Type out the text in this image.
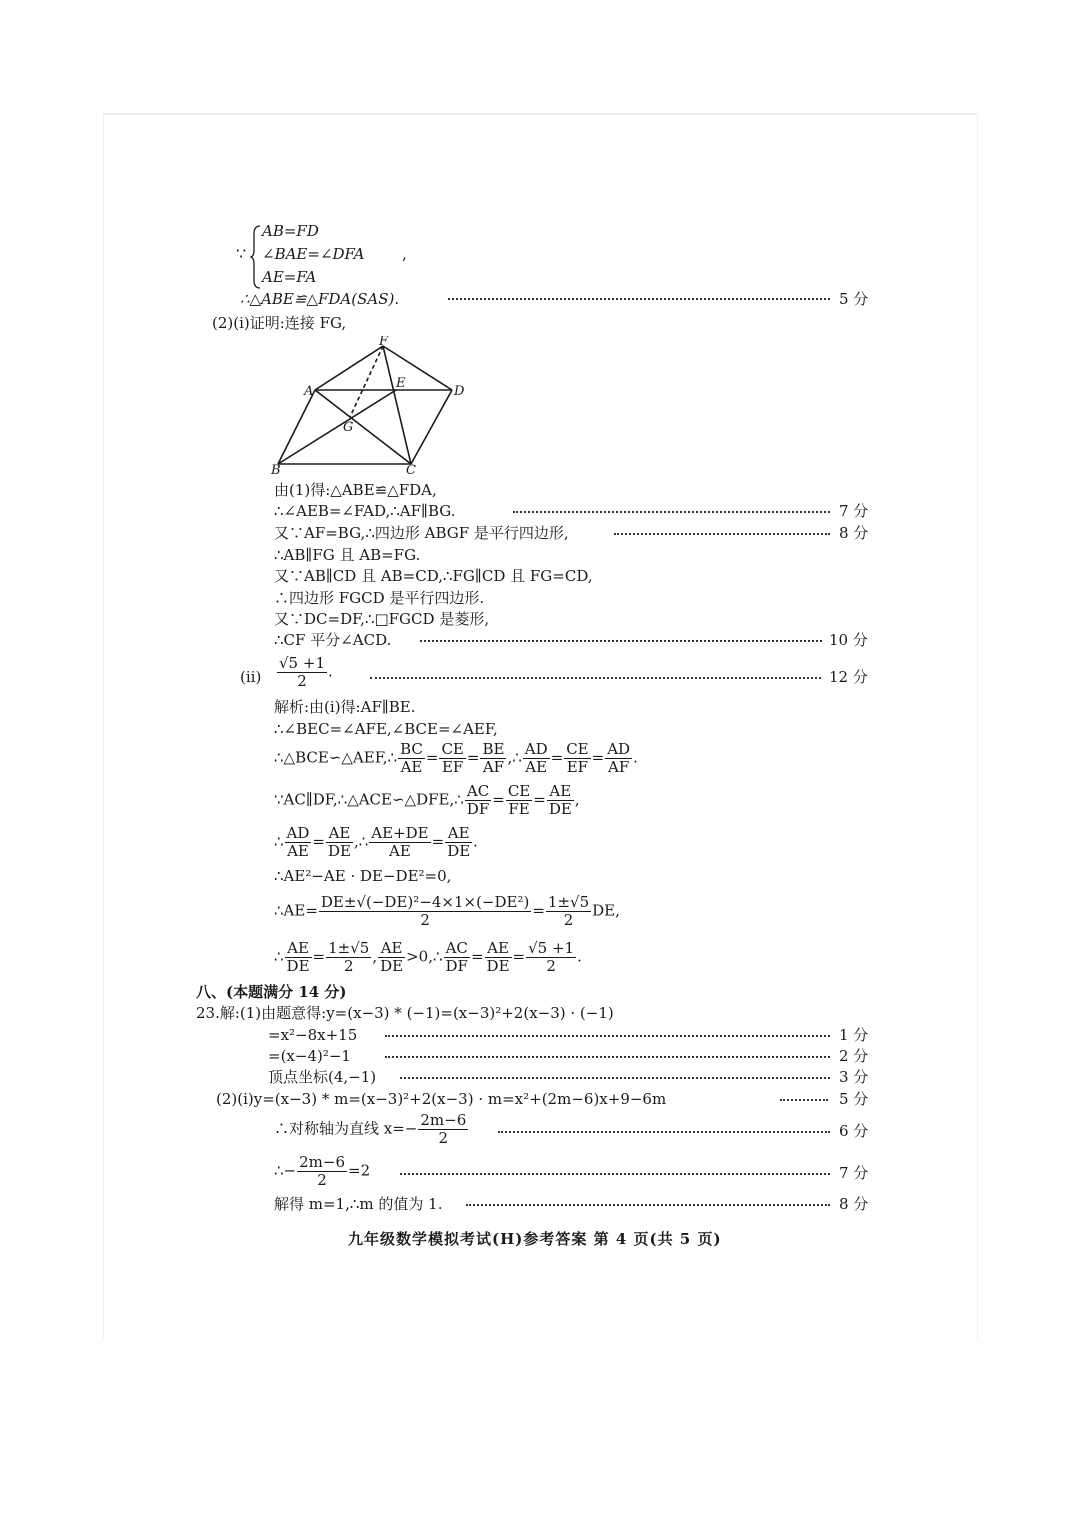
∵
AB=FD
∠BAE=∠DFA
AE=FA
,
∴△ABE≌△FDA(SAS).	5 分
(2)(ⅰ)证明:连接 FG,
F
A
E
D
G
B	C
由(1)得:△ABE≌△FDA,
∴∠AEB=∠FAD,∴AF∥BG.	7 分
又∵AF=BG,∴四边形 ABGF 是平行四边形,	8 分
∴AB∥FG 且 AB=FG.
又∵AB∥CD 且 AB=CD,∴FG∥CD 且 FG=CD,
∴四边形 FGCD 是平行四边形.
又∵DC=DF,∴□FGCD 是菱形,
∴CF 平分∠ACD.	10 分
(ⅱ) $\frac{√5 +1}{2}$ .	12 分
解析:由(ⅰ)得:AF∥BE.
∴∠BEC=∠AFE,∠BCE=∠AEF,
∴△BCE∽△AEF,∴ $\frac{BC}{AE} = \frac{CE}{EF} = \frac{BE}{AF}$ ,∴ $\frac{AD}{AE} = \frac{CE}{EF} = \frac{AD}{AF}$ .
∵AC∥DF,∴△ACE∽△DFE,∴ $\frac{AC}{DF} = \frac{CE}{FE} = \frac{AE}{DE}$ ,
∴ $\frac{AD}{AE} = \frac{AE}{DE}$ ,∴ $\frac{AE+DE}{AE} = \frac{AE}{DE}$ .
∴AE²−AE · DE−DE²=0,
∴AE= $\frac{\text{DE±√(−DE)²−4×1×(−DE²)}}{2} = \frac{1\pm√5}{2}$ DE,
∴ $\frac{AE}{DE} = \frac{1\pm√5}{2}$ , $\frac{AE}{DE}$ >0,∴ $\frac{AC}{DF} = \frac{AE}{DE} = \frac{√5 +1}{2}$ .
八、(本题满分 14 分)
23.解:(1)由题意得:y=(x−3) * (−1)=(x−3)²+2(x−3) · (−1)
=x²−8x+15	1 分
=(x−4)²−1	2 分
顶点坐标(4,−1)	3 分
(2)(ⅰ)y=(x−3) * m=(x−3)²+2(x−3) · m=x²+(2m−6)x+9−6m	5 分
∴对称轴为直线 $x=- \frac{2m-6}{2}$	6 分
∴− $\frac{2m-6}{2} =2$	7 分
解得 m=1,∴m 的值为 1.	8 分
九年级数学模拟考试(H)参考答案 第 4 页(共 5 页)
